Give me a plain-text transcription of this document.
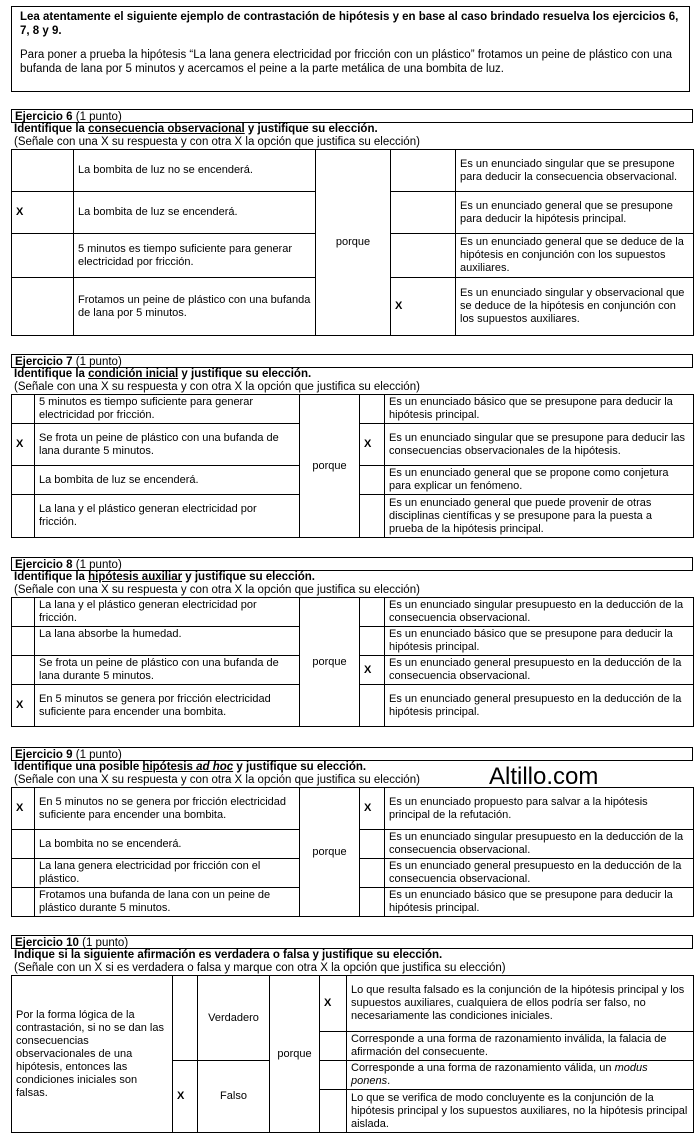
Lea atentamente el siguiente ejemplo de contrastación de hipótesis y en base al caso brindado resuelva los ejercicios 6, 7, 8 y 9.

Para poner a prueba la hipótesis “La lana genera electricidad por fricción con un plástico” frotamos un peine de plástico con una bufanda de lana por 5 minutos y acercamos el peine a la parte metálica de una bombita de luz.

Ejercicio 6 (1 punto)
Identifique la consecuencia observacional y justifique su elección.
(Señale con una X su respuesta y con otra X la opción que justifica su elección)
	La bombita de luz no se encenderá.	porque		Es un enunciado singular que se presupone para deducir la consecuencia observacional.
X	La bombita de luz se encenderá.			Es un enunciado general que se presupone para deducir la hipótesis principal.
	5 minutos es tiempo suficiente para generar electricidad por fricción.			Es un enunciado general que se deduce de la hipótesis en conjunción con los supuestos auxiliares.
	Frotamos un peine de plástico con una bufanda de lana por 5 minutos.		X	Es un enunciado singular y observacional que se deduce de la hipótesis en conjunción con los supuestos auxiliares.
Ejercicio 7 (1 punto)
Identifique la condición inicial y justifique su elección.
(Señale con una X su respuesta y con otra X la opción que justifica su elección)
	5 minutos es tiempo suficiente para generar electricidad por fricción.	porque		Es un enunciado básico que se presupone para deducir la hipótesis principal.
X	Se frota un peine de plástico con una bufanda de lana durante 5 minutos.		X	Es un enunciado singular que se presupone para deducir las consecuencias observacionales de la hipótesis.
	La bombita de luz se encenderá.			Es un enunciado general que se propone como conjetura para explicar un fenómeno.
	La lana y el plástico generan electricidad por fricción.			Es un enunciado general que puede provenir de otras disciplinas científicas y se presupone para la puesta a prueba de la hipótesis principal.
Ejercicio 8 (1 punto)
Identifique la hipótesis auxiliar y justifique su elección.
(Señale con una X su respuesta y con otra X la opción que justifica su elección)
	La lana y el plástico generan electricidad por fricción.	porque		Es un enunciado singular presupuesto en la deducción de la consecuencia observacional.
	La lana absorbe la humedad.			Es un enunciado básico que se presupone para deducir la hipótesis principal.
	Se frota un peine de plástico con una bufanda de lana durante 5 minutos.		X	Es un enunciado general presupuesto en la deducción de la consecuencia observacional.
X	En 5 minutos se genera por fricción electricidad suficiente para encender una bombita.			Es un enunciado general presupuesto en la deducción de la hipótesis principal.
Altillo.com
Ejercicio 9 (1 punto)
Identifique una posible hipótesis ad hoc y justifique su elección.
(Señale con una X su respuesta y con otra X la opción que justifica su elección)
X	En 5 minutos no se genera por fricción electricidad suficiente para encender una bombita.	porque	X	Es un enunciado propuesto para salvar a la hipótesis principal de la refutación.
	La bombita no se encenderá.			Es un enunciado singular presupuesto en la deducción de la consecuencia observacional.
	La lana genera electricidad por fricción con el plástico.			Es un enunciado general presupuesto en la deducción de la consecuencia observacional.
	Frotamos una bufanda de lana con un peine de plástico durante 5 minutos.			Es un enunciado básico que se presupone para deducir la hipótesis principal.
Ejercicio 10 (1 punto)
Indique si la siguiente afirmación es verdadera o falsa y justifique su elección.
(Señale con un X si es verdadera o falsa y marque con otra X la opción que justifica su elección)
Por la forma lógica de la contrastación, si no se dan las consecuencias observacionales de una hipótesis, entonces las condiciones iniciales son falsas.		Verdadero	porque	X	Lo que resulta falsado es la conjunción de la hipótesis principal y los supuestos auxiliares, cualquiera de ellos podría ser falso, no necesariamente las condiciones iniciales.
					Corresponde a una forma de razonamiento inválida, la falacia de afirmación del consecuente.
	X	Falso			Corresponde a una forma de razonamiento válida, un modus ponens.
					Lo que se verifica de modo concluyente es la conjunción de la hipótesis principal y los supuestos auxiliares, no la hipótesis principal aislada.
